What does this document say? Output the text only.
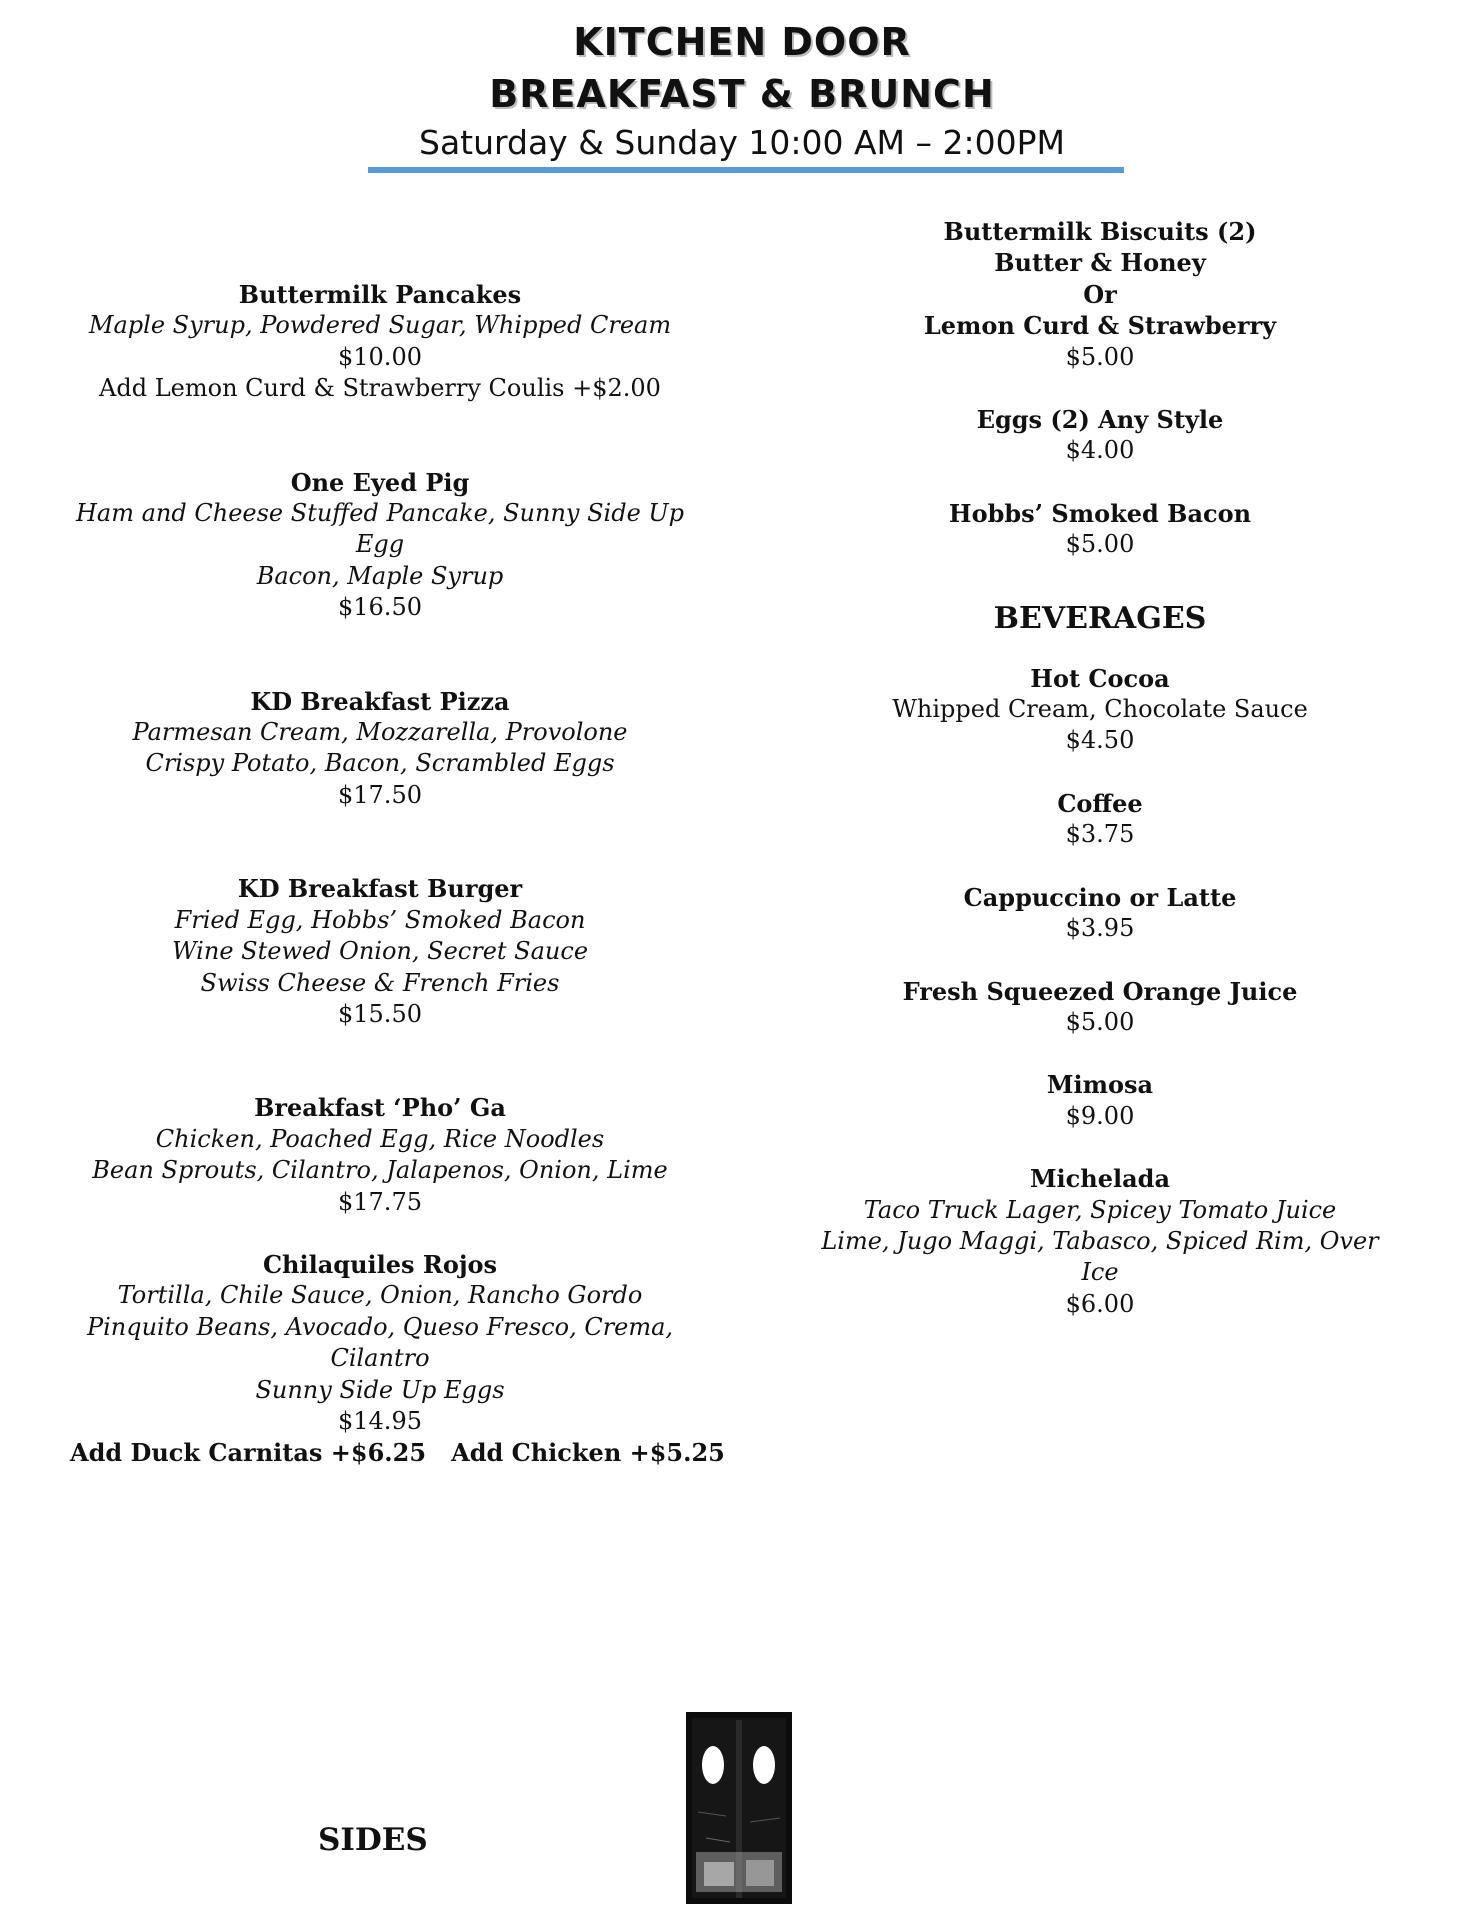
KITCHEN DOOR
BREAKFAST & BRUNCH
Saturday & Sunday 10:00 AM – 2:00PM
Buttermilk Pancakes
Maple Syrup, Powdered Sugar, Whipped Cream
$10.00
Add Lemon Curd & Strawberry Coulis +$2.00
One Eyed Pig
Ham and Cheese Stuffed Pancake, Sunny Side Up Egg
Bacon, Maple Syrup
$16.50
KD Breakfast Pizza
Parmesan Cream, Mozzarella, Provolone
Crispy Potato, Bacon, Scrambled Eggs
$17.50
KD Breakfast Burger
Fried Egg, Hobbs’ Smoked Bacon
Wine Stewed Onion, Secret Sauce
Swiss Cheese & French Fries
$15.50
Breakfast ‘Pho’ Ga
Chicken, Poached Egg, Rice Noodles
Bean Sprouts, Cilantro, Jalapenos, Onion, Lime
$17.75
Chilaquiles Rojos
Tortilla, Chile Sauce, Onion, Rancho Gordo
Pinquito Beans, Avocado, Queso Fresco, Crema, Cilantro
Sunny Side Up Eggs
$14.95
Add Duck Carnitas +$6.25   Add Chicken +$5.25
Buttermilk Biscuits (2)
Butter & Honey
Or
Lemon Curd & Strawberry
$5.00
Eggs (2) Any Style
$4.00
Hobbs’ Smoked Bacon
$5.00
BEVERAGES
Hot Cocoa
Whipped Cream, Chocolate Sauce
$4.50
Coffee
$3.75
Cappuccino or Latte
$3.95
Fresh Squeezed Orange Juice
$5.00
Mimosa
$9.00
Michelada
Taco Truck Lager, Spicey Tomato Juice
Lime, Jugo Maggi, Tabasco, Spiced Rim, Over Ice
$6.00
SIDES
